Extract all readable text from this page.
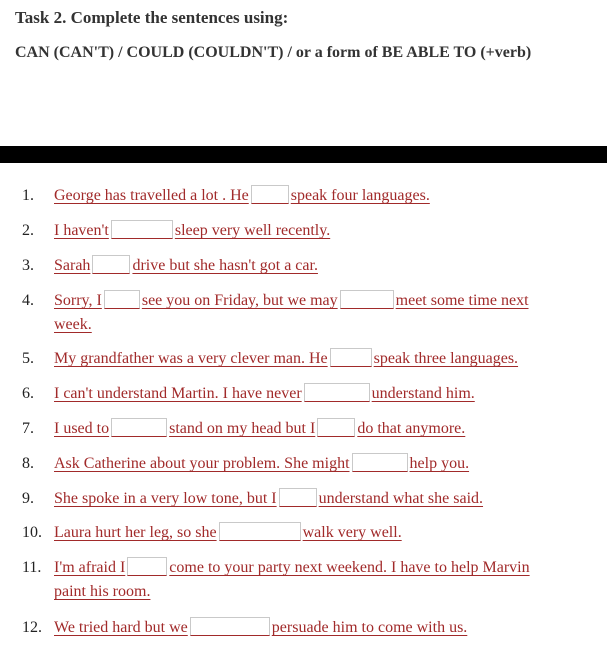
Task 2. Complete the sentences using:
CAN (CAN'T) / COULD (COULDN'T) / or a form of BE ABLE TO (+verb)
1.	George has travelled a lot . He	speak four languages.
2.	I haven't	sleep very well recently.
3.	Sarah	drive but she hasn't got a car.
4.	Sorry, I	see you on Friday, but we may	meet some time next
week.
5.	My grandfather was a very clever man. He	speak three languages.
6.	I can't understand Martin. I have never	understand him.
7.	I used to	stand on my head but I	do that anymore.
8.	Ask Catherine about your problem. She might	help you.
9.	She spoke in a very low tone, but I	understand what she said.
10. Laura hurt her leg, so she	walk very well.
11. I'm afraid I	come to your party next weekend. I have to help Marvin
paint his room.
12. We tried hard but we	persuade him to come with us.
